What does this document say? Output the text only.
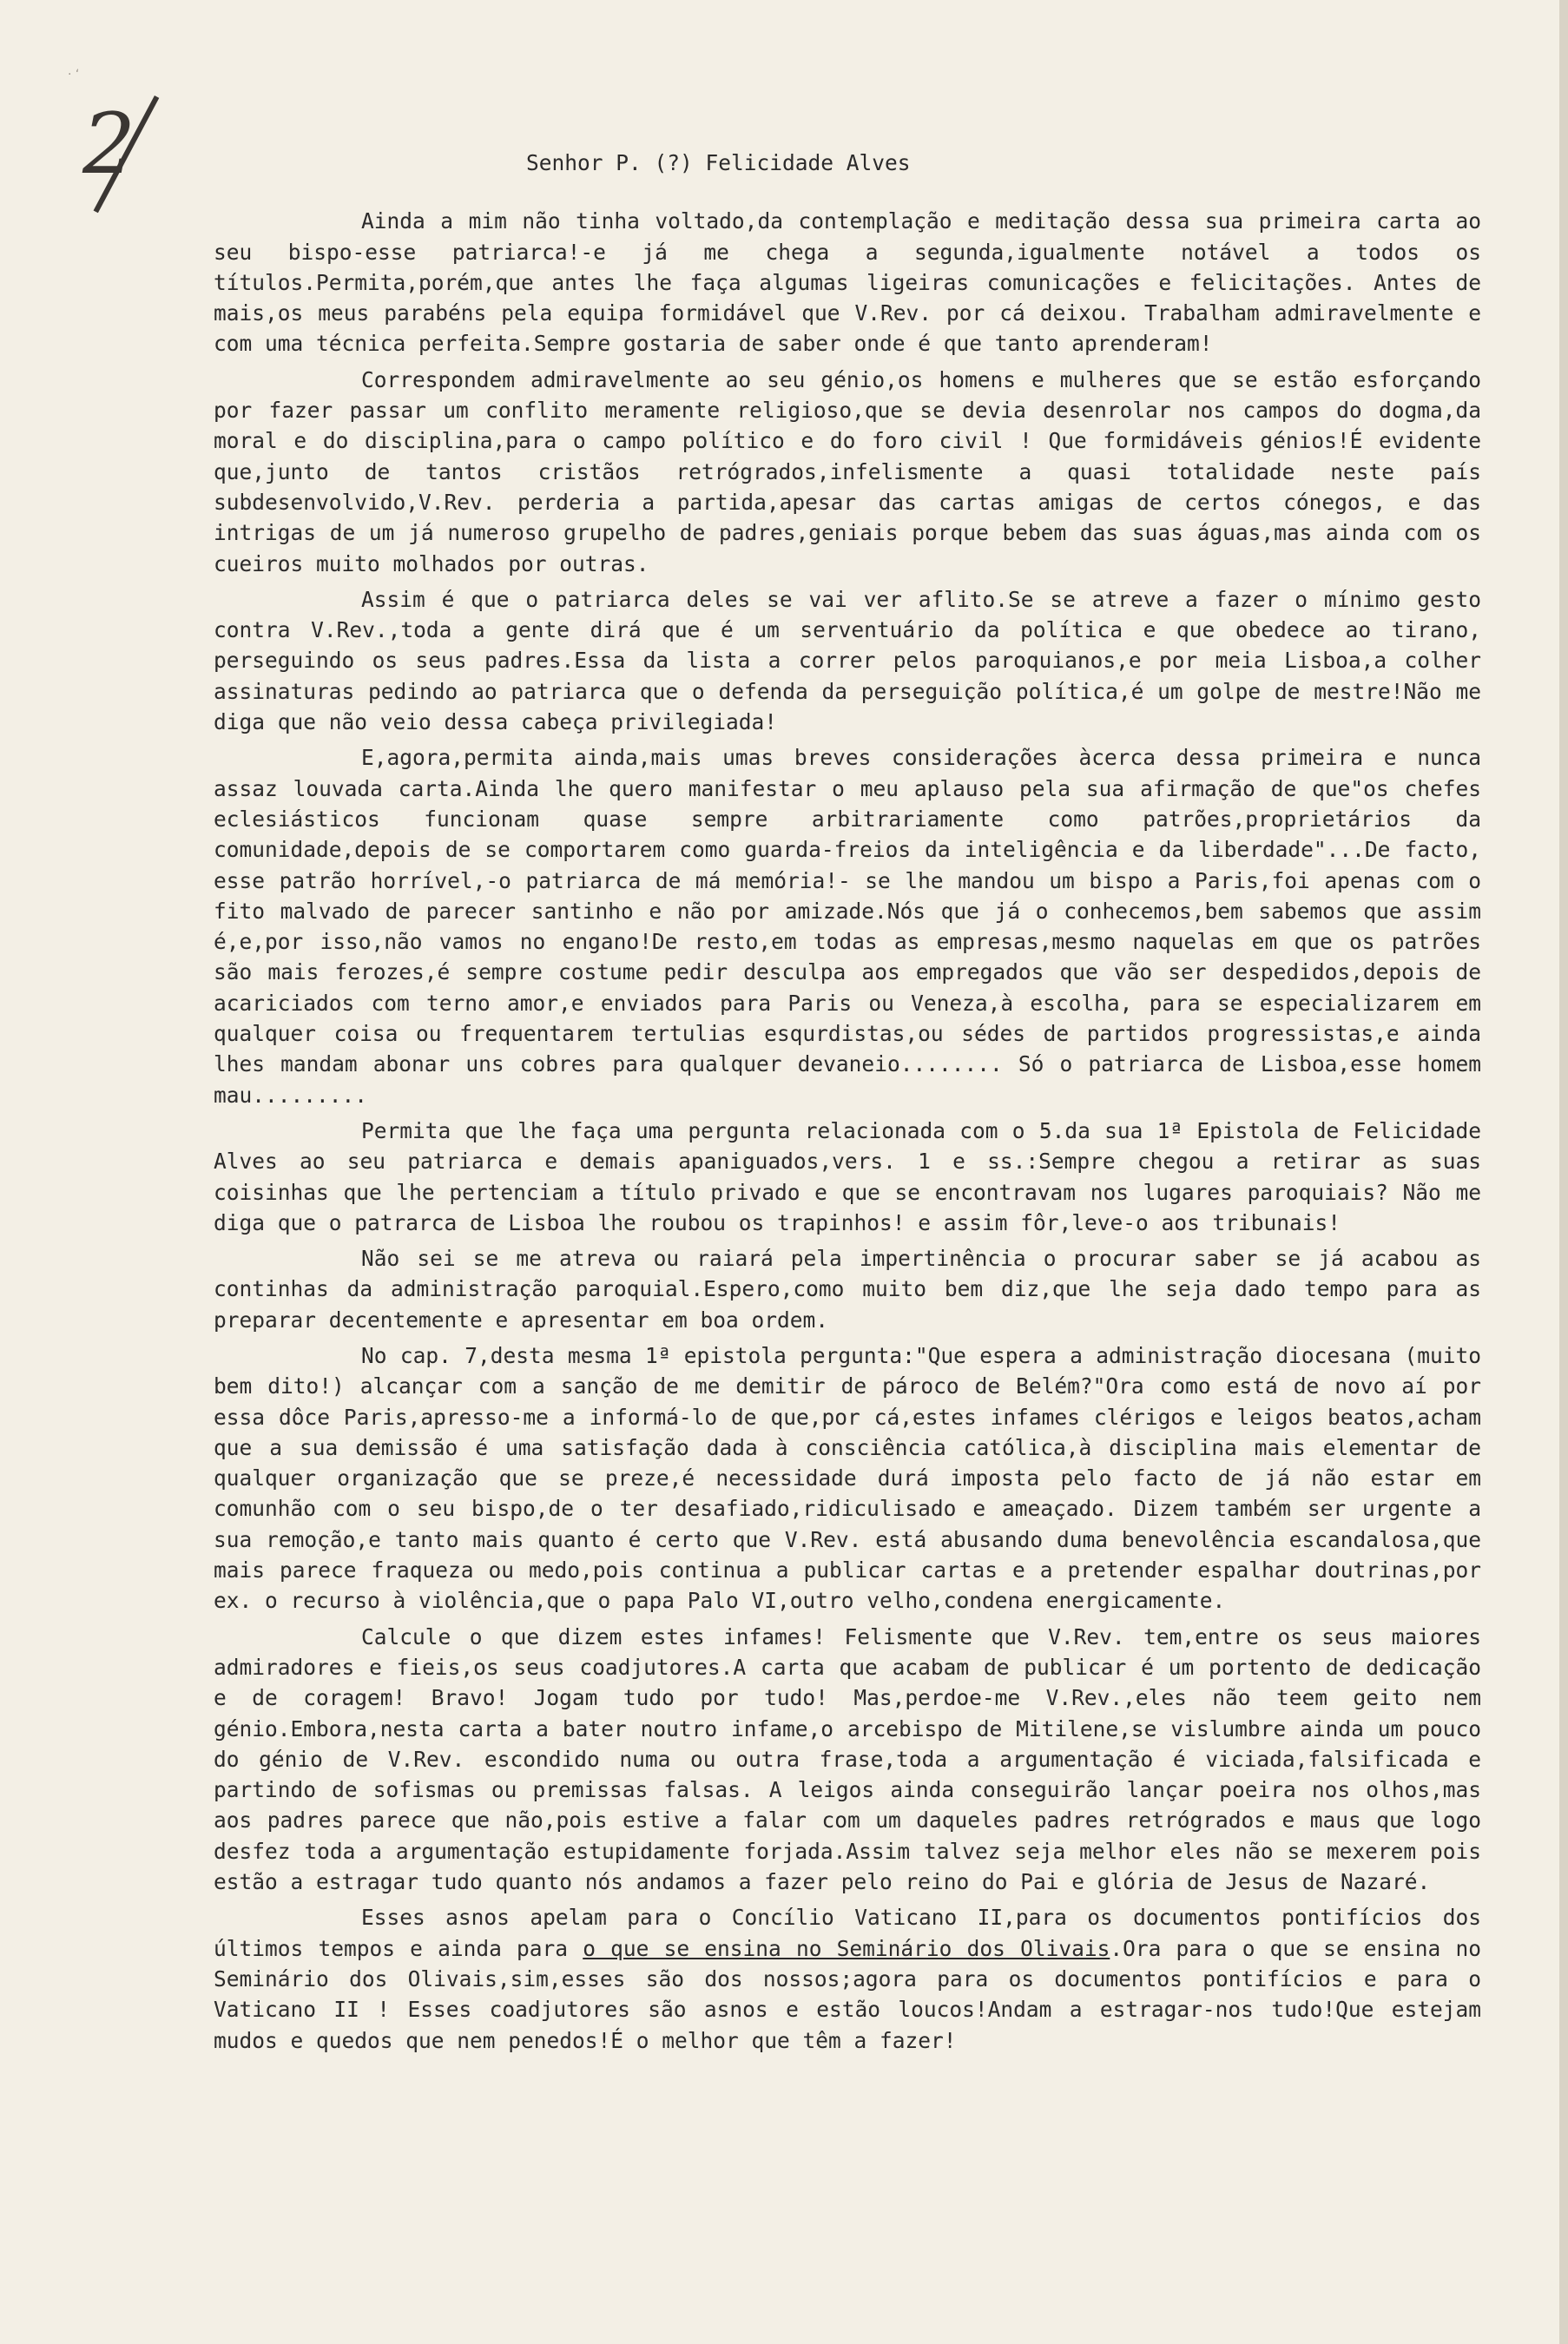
· ‘
2	Senhor P. (?) Felicidade Alves

Ainda a mim não tinha voltado,da contemplação e meditação dessa sua primeira carta ao seu bispo-esse patriarca!-e já me chega a segunda,igualmente notável a todos os títulos.Permita,porém,que antes lhe faça algumas ligeiras comunicações e felicitações. Antes de mais,os meus parabéns pela equipa formidável que V.Rev. por cá deixou. Trabalham admiravelmente e com uma técnica perfeita.Sempre gostaria de saber onde é que tanto aprenderam!

Correspondem admiravelmente ao seu génio,os homens e mulheres que se estão esforçando por fazer passar um conflito meramente religioso,que se devia desenrolar nos campos do dogma,da moral e do disciplina,para o campo político e do foro civil ! Que formidáveis génios!É evidente que,junto de tantos cristãos retrógrados,infelismente a quasi totalidade neste país subdesenvolvido,V.Rev. perderia a partida,apesar das cartas amigas de certos cónegos, e das intrigas de um já numeroso grupelho de padres,geniais porque bebem das suas águas,mas ainda com os cueiros muito molhados por outras.

Assim é que o patriarca deles se vai ver aflito.Se se atreve a fazer o mínimo gesto contra V.Rev.,toda a gente dirá que é um serventuário da política e que obedece ao tirano, perseguindo os seus padres.Essa da lista a correr pelos paroquianos,e por meia Lisboa,a colher assinaturas pedindo ao patriarca que o defenda da perseguição política,é um golpe de mestre!Não me diga que não veio dessa cabeça privilegiada!

E,agora,permita ainda,mais umas breves considerações àcerca dessa primeira e nunca assaz louvada carta.Ainda lhe quero manifestar o meu aplauso pela sua afirmação de que"os chefes eclesiásticos funcionam quase sempre arbitrariamente como patrões,proprietários da comunidade,depois de se comportarem como guarda-freios da inteligência e da liberdade"...De facto, esse patrão horrível,-o patriarca de má memória!- se lhe mandou um bispo a Paris,foi apenas com o fito malvado de parecer santinho e não por amizade.Nós que já o conhecemos,bem sabemos que assim é,e,por isso,não vamos no engano!De resto,em todas as empresas,mesmo naquelas em que os patrões são mais ferozes,é sempre costume pedir desculpa aos empregados que vão ser despedidos,depois de acariciados com terno amor,e enviados para Paris ou Veneza,à escolha, para se especializarem em qualquer coisa ou frequentarem tertulias esqurdistas,ou sédes de partidos progressistas,e ainda lhes mandam abonar uns cobres para qualquer devaneio........ Só o patriarca de Lisboa,esse homem mau.........

Permita que lhe faça uma pergunta relacionada com o 5.da sua 1ª Epistola de Felicidade Alves ao seu patriarca e demais apaniguados,vers. 1 e ss.:Sempre chegou a retirar as suas coisinhas que lhe pertenciam a título privado e que se encontravam nos lugares paroquiais? Não me diga que o patrarca de Lisboa lhe roubou os trapinhos! e assim fôr,leve-o aos tribunais!

Não sei se me atreva ou raiará pela impertinência o procurar saber se já acabou as continhas da administração paroquial.Espero,como muito bem diz,que lhe seja dado tempo para as preparar decentemente e apresentar em boa ordem.

No cap. 7,desta mesma 1ª epistola pergunta:"Que espera a administração diocesana (muito bem dito!) alcançar com a sanção de me demitir de pároco de Belém?"Ora como está de novo aí por essa dôce Paris,apresso-me a informá-lo de que,por cá,estes infames clérigos e leigos beatos,acham que a sua demissão é uma satisfação dada à consciência católica,à disciplina mais elementar de qualquer organização que se preze,é necessidade durá imposta pelo facto de já não estar em comunhão com o seu bispo,de o ter desafiado,ridiculisado e ameaçado. Dizem também ser urgente a sua remoção,e tanto mais quanto é certo que V.Rev. está abusando duma benevolência escandalosa,que mais parece fraqueza ou medo,pois continua a publicar cartas e a pretender espalhar doutrinas,por ex. o recurso à violência,que o papa Palo VI,outro velho,condena energicamente.

Calcule o que dizem estes infames! Felismente que V.Rev. tem,entre os seus maiores admiradores e fieis,os seus coadjutores.A carta que acabam de publicar é um portento de dedicação e de coragem! Bravo! Jogam tudo por tudo! Mas,perdoe-me V.Rev.,eles não teem geito nem génio.Embora,nesta carta a bater noutro infame,o arcebispo de Mitilene,se vislumbre ainda um pouco do génio de V.Rev. escondido numa ou outra frase,toda a argumentação é viciada,falsificada e partindo de sofismas ou premissas falsas. A leigos ainda conseguirão lançar poeira nos olhos,mas aos padres parece que não,pois estive a falar com um daqueles padres retrógrados e maus que logo desfez toda a argumentação estupidamente forjada.Assim talvez seja melhor eles não se mexerem pois estão a estragar tudo quanto nós andamos a fazer pelo reino do Pai e glória de Jesus de Nazaré.

Esses asnos apelam para o Concílio Vaticano II,para os documentos pontifícios dos últimos tempos e ainda para o que se ensina no Seminário dos Olivais.Ora para o que se ensina no Seminário dos Olivais,sim,esses são dos nossos;agora para os documentos pontifícios e para o Vaticano II ! Esses coadjutores são asnos e estão loucos!Andam a estragar-nos tudo!Que estejam mudos e quedos que nem penedos!É o melhor que têm a fazer!
